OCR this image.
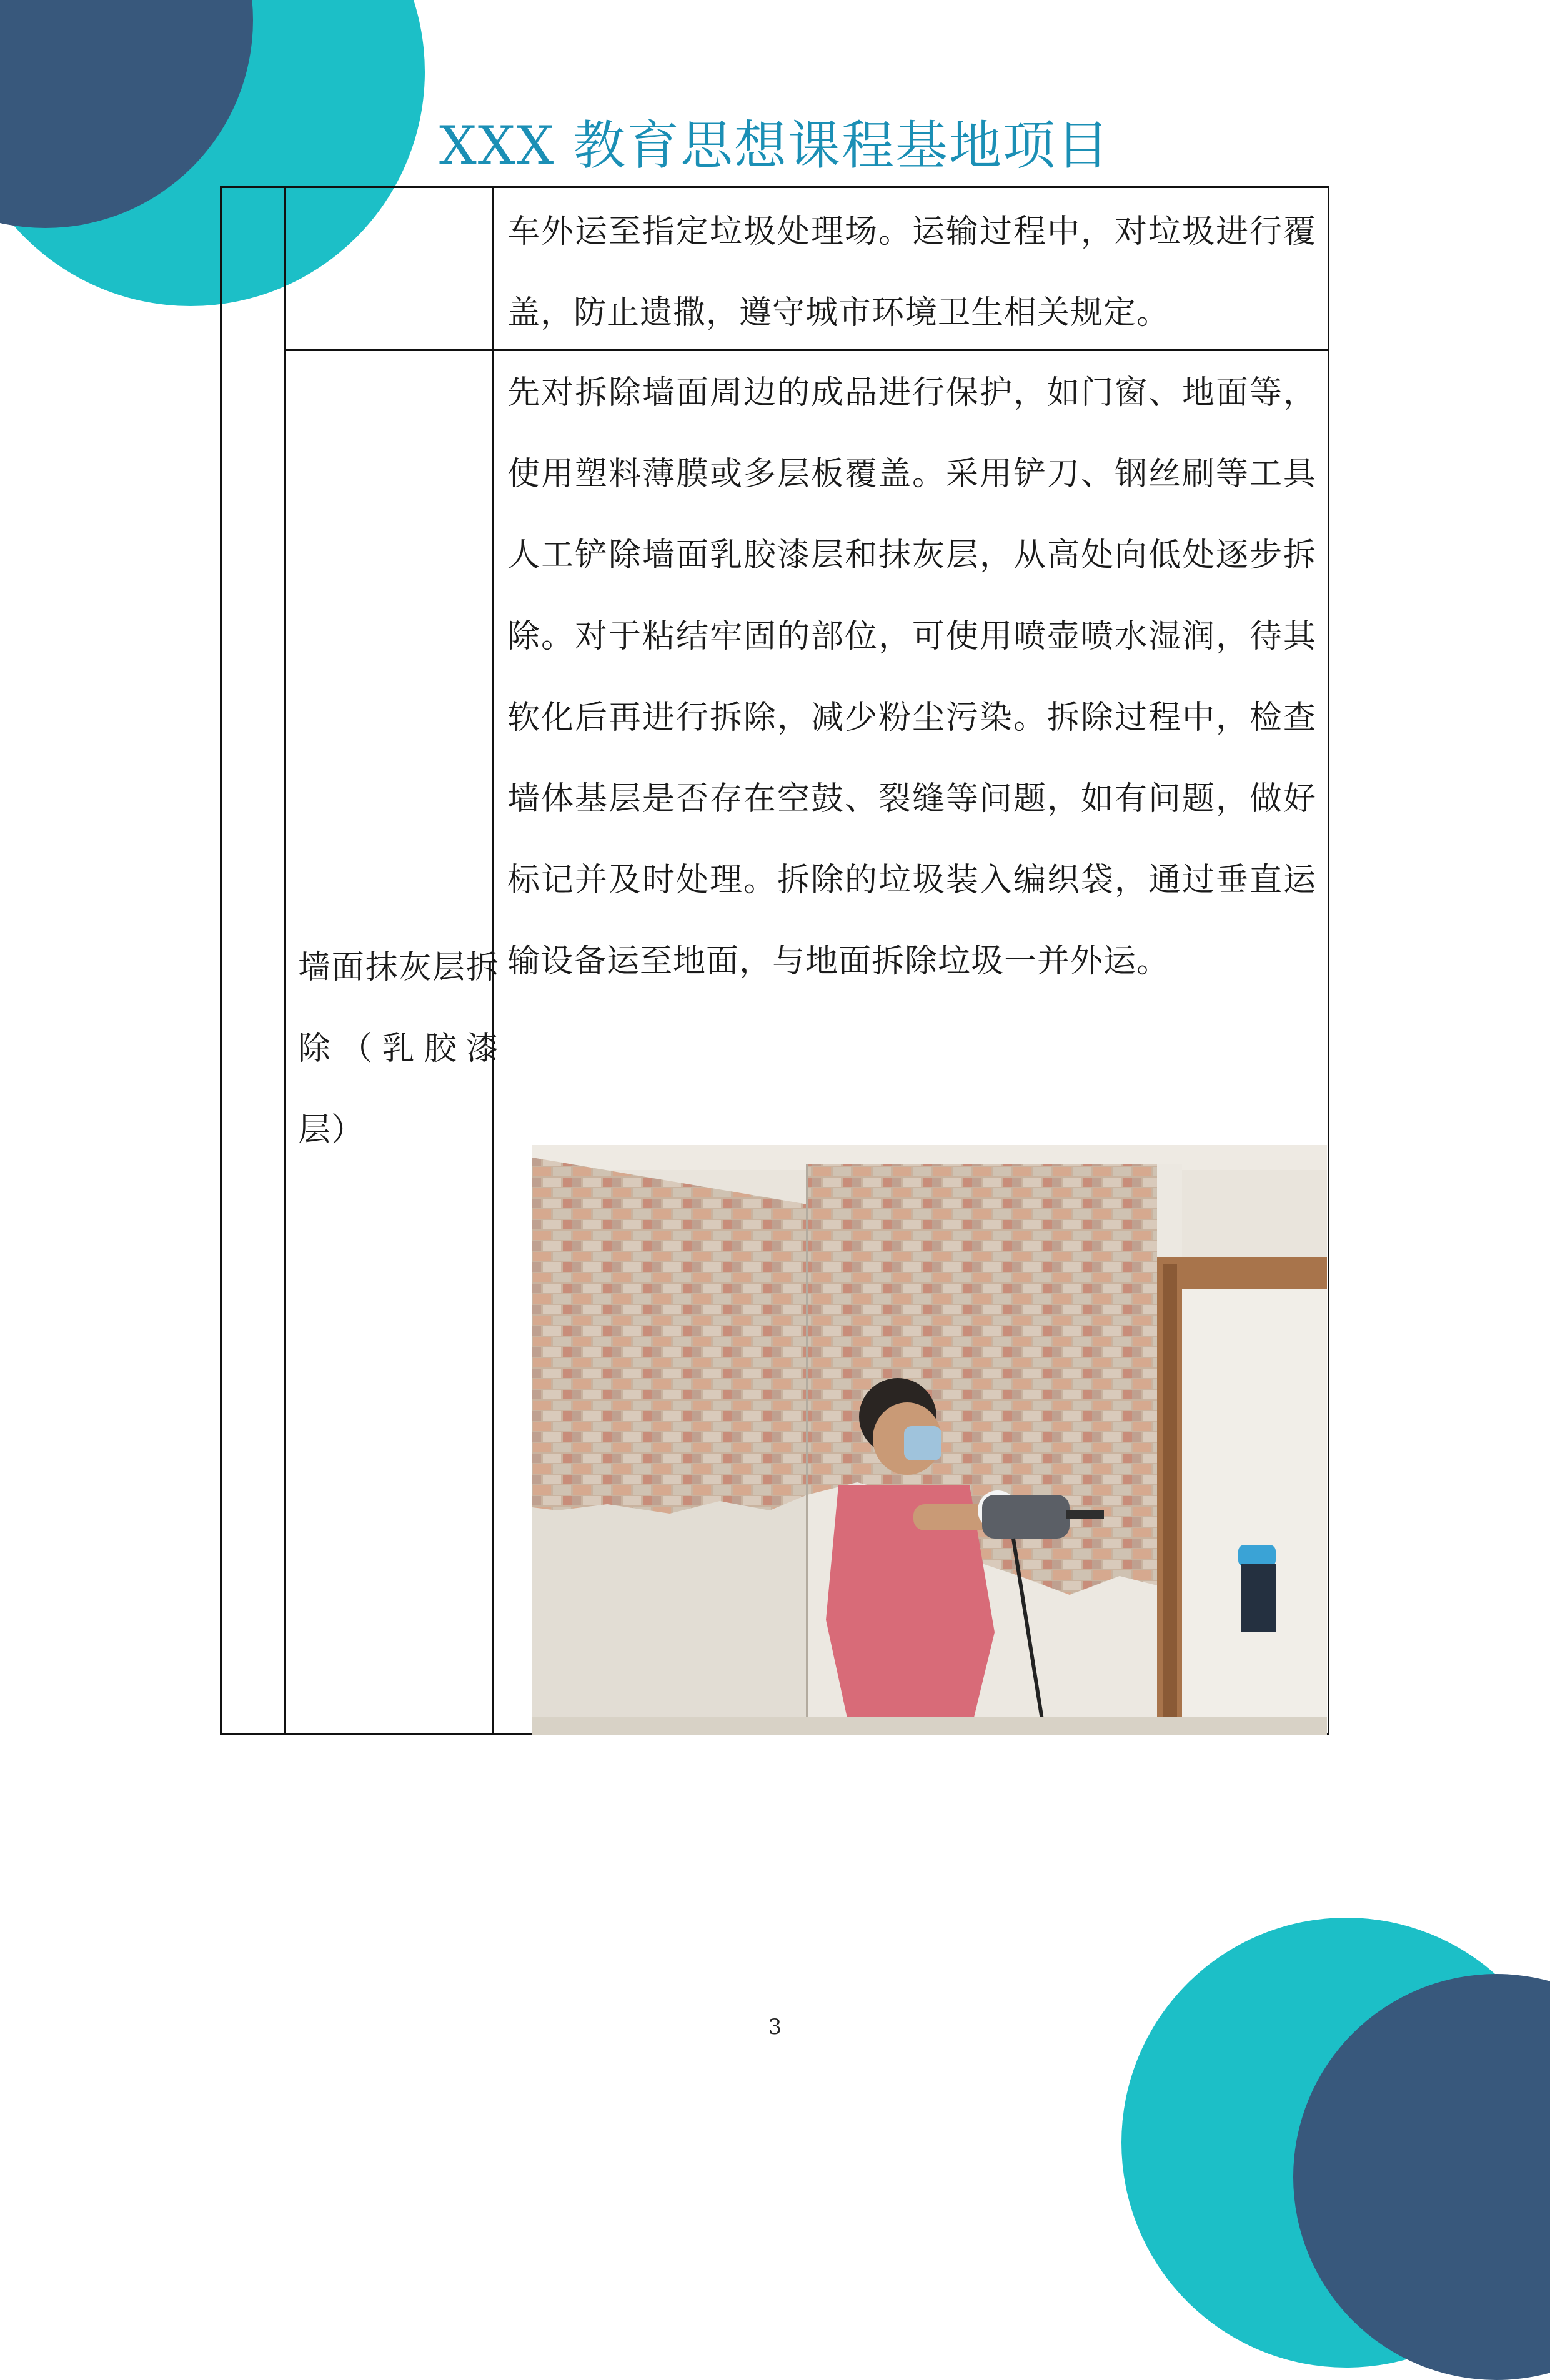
XXX 教育思想课程基地项目

车外运至指定垃圾处理场。运输过程中，对垃圾进行覆盖，防止遗撒，遵守城市环境卫生相关规定。

墙面抹灰层拆除（乳胶漆层）

先对拆除墙面周边的成品进行保护，如门窗、地面等，使用塑料薄膜或多层板覆盖。采用铲刀、钢丝刷等工具人工铲除墙面乳胶漆层和抹灰层，从高处向低处逐步拆除。对于粘结牢固的部位，可使用喷壶喷水湿润，待其软化后再进行拆除，减少粉尘污染。拆除过程中，检查墙体基层是否存在空鼓、裂缝等问题，如有问题，做好标记并及时处理。拆除的垃圾装入编织袋，通过垂直运输设备运至地面，与地面拆除垃圾一并外运。

3
